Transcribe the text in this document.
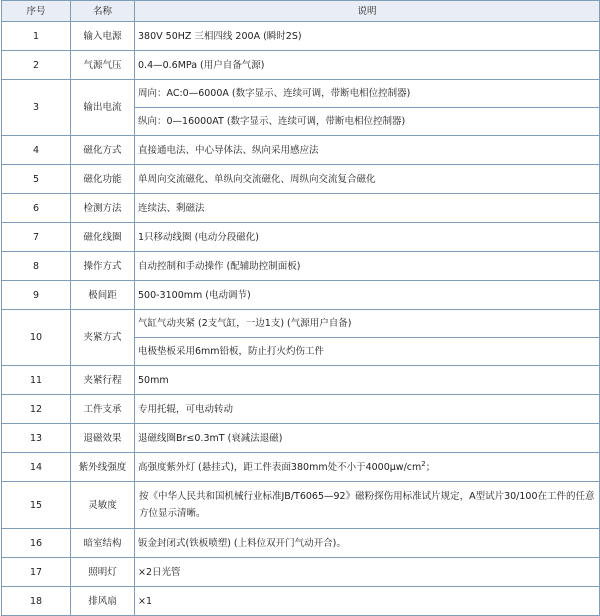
序号	名称	说明
1	输入电源	380V 50HZ 三相四线 200A (瞬时2S)
2	气源气压	0.4—0.6MPa (用户自备气源)
3	输出电流	周向：AC:0—6000A (数字显示、连续可调，带断电相位控制器)
		纵向：0—16000AT (数字显示、连续可调，带断电相位控制器)
4	磁化方式	直接通电法、中心导体法、纵向采用感应法
5	磁化功能	单周向交流磁化、单纵向交流磁化、周纵向交流复合磁化
6	检测方法	连续法、剩磁法
7	磁化线圈	1只移动线圈 (电动分段磁化)
8	操作方式	自动控制和手动操作 (配辅助控制面板)
9	极间距	500-3100mm (电动调节)
10	夹紧方式	气缸气动夹紧 (2支气缸，一边1支) (气源用户自备)
		电极垫板采用6mm铅板，防止打火灼伤工件
11	夹紧行程	50mm
12	工件支承	专用托辊，可电动转动
13	退磁效果	退磁线圈Br≤0.3mT (衰减法退磁)
14	紫外线强度	高强度紫外灯 (悬挂式)，距工件表面380mm处不小于$4000\mu w/cm^2$；
15	灵敏度	按《中华人民共和国机械行业标准JB/T6065—92》磁粉探伤用标准试片规定，A型试片30/100在工件的任意方位显示清晰。
16	暗室结构	钣金封闭式(铁板喷塑) (上料位双开门气动开合)。
17	照明灯	×2日光管
18	排风扇	×1
